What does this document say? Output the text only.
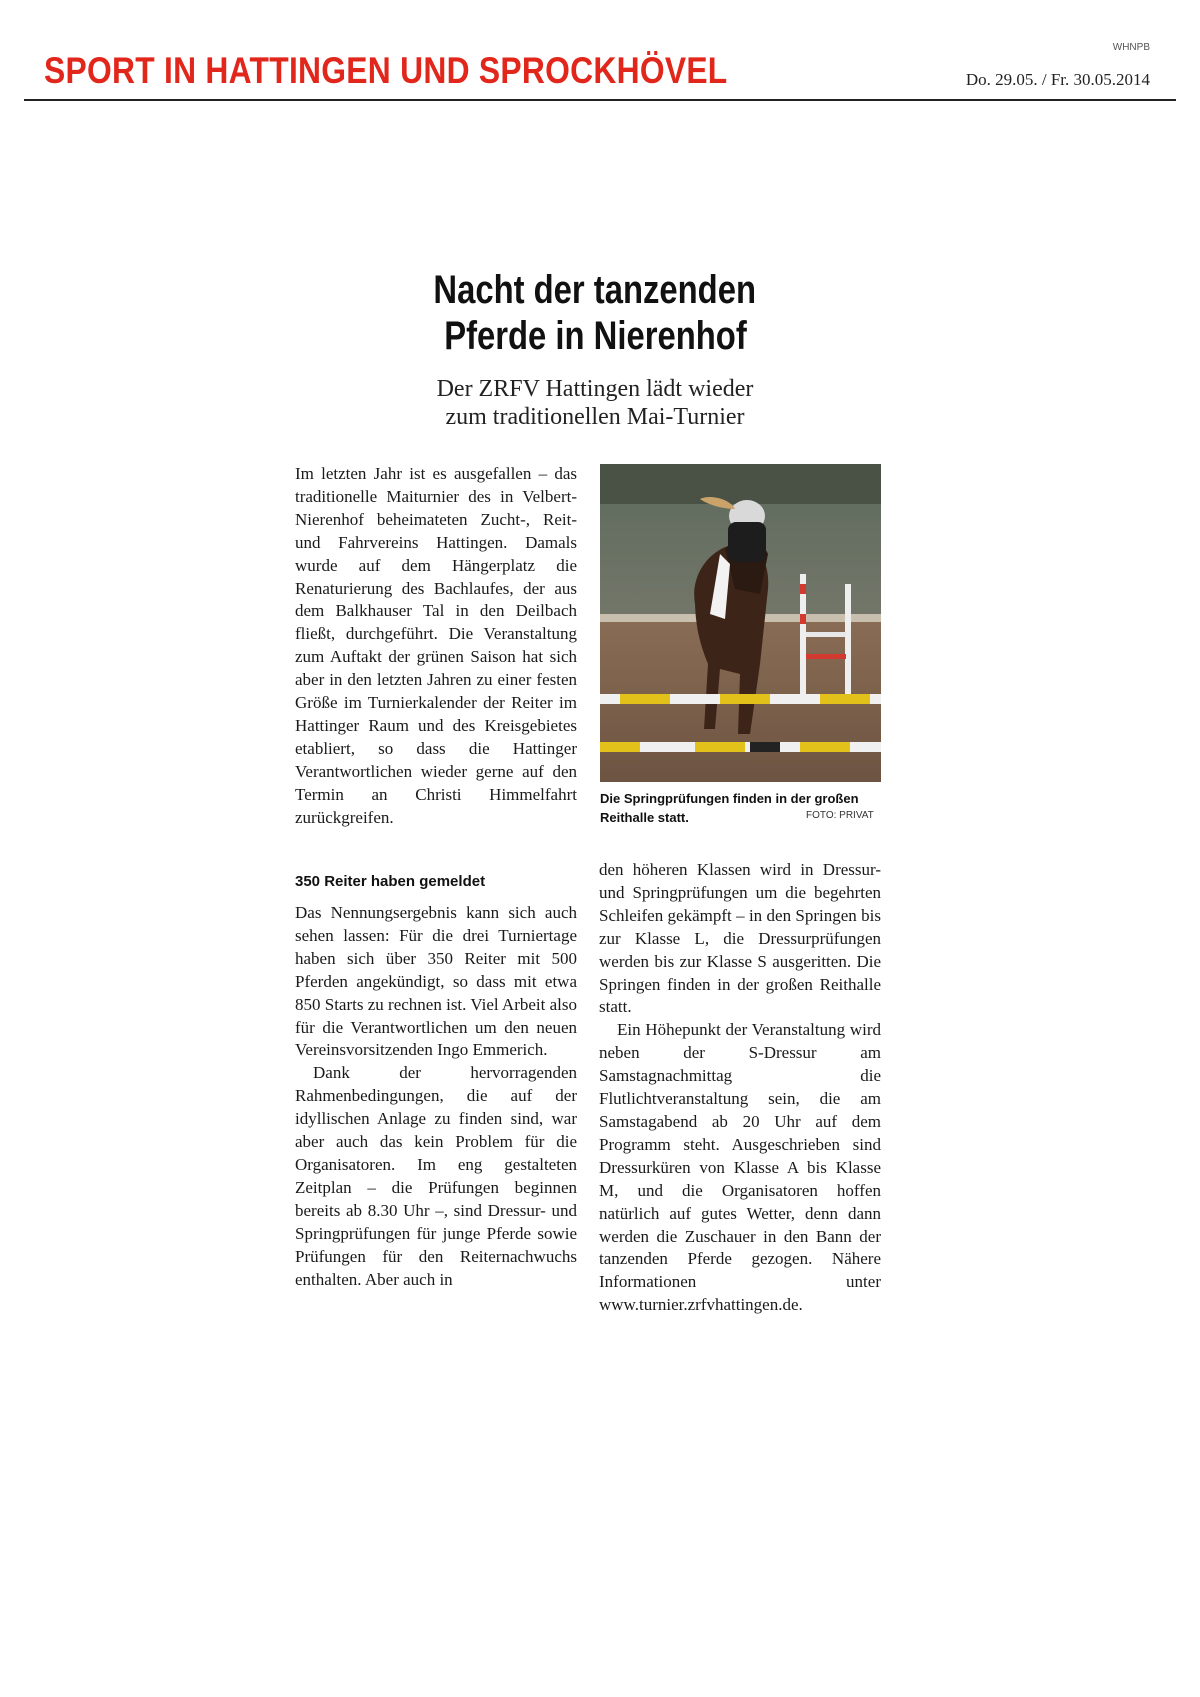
SPORT IN HATTINGEN UND SPROCKHÖVEL
WHNPB
Do. 29.05. / Fr. 30.05.2014
Nacht der tanzenden
Pferde in Nierenhof
Der ZRFV Hattingen lädt wieder
zum traditionellen Mai-Turnier

Im letzten Jahr ist es ausgefallen – das traditionelle Maiturnier des in Velbert-Nierenhof beheimateten Zucht-, Reit- und Fahrvereins Hattingen. Damals wurde auf dem Hängerplatz die Renaturierung des Bachlaufes, der aus dem Balkhauser Tal in den Deilbach fließt, durchgeführt. Die Veranstaltung zum Auftakt der grünen Saison hat sich aber in den letzten Jahren zu einer festen Größe im Turnierkalender der Reiter im Hattinger Raum und des Kreisgebietes etabliert, so dass die Hattinger Verantwortlichen wieder gerne auf den Termin an Christi Himmelfahrt zurückgreifen.

350 Reiter haben gemeldet

Das Nennungsergebnis kann sich auch sehen lassen: Für die drei Turniertage haben sich über 350 Reiter mit 500 Pferden angekündigt, so dass mit etwa 850 Starts zu rechnen ist. Viel Arbeit also für die Verantwortlichen um den neuen Vereinsvorsitzenden Ingo Emmerich.

Dank der hervorragenden Rahmenbedingungen, die auf der idyllischen Anlage zu finden sind, war aber auch das kein Problem für die Organisatoren. Im eng gestalteten Zeitplan – die Prüfungen beginnen bereits ab 8.30 Uhr –, sind Dressur- und Springprüfungen für junge Pferde sowie Prüfungen für den Reiternachwuchs enthalten. Aber auch in

Die Springprüfungen finden in der großen Reithalle statt.	FOTO: PRIVAT

den höheren Klassen wird in Dressur- und Springprüfungen um die begehrten Schleifen gekämpft – in den Springen bis zur Klasse L, die Dressurprüfungen werden bis zur Klasse S ausgeritten. Die Springen finden in der großen Reithalle statt.

Ein Höhepunkt der Veranstaltung wird neben der S-Dressur am Samstagnachmittag die Flutlichtveranstaltung sein, die am Samstagabend ab 20 Uhr auf dem Programm steht. Ausgeschrieben sind Dressurküren von Klasse A bis Klasse M, und die Organisatoren hoffen natürlich auf gutes Wetter, denn dann werden die Zuschauer in den Bann der tanzenden Pferde gezogen. Nähere Informationen unter www.turnier.zrfvhattingen.de.
